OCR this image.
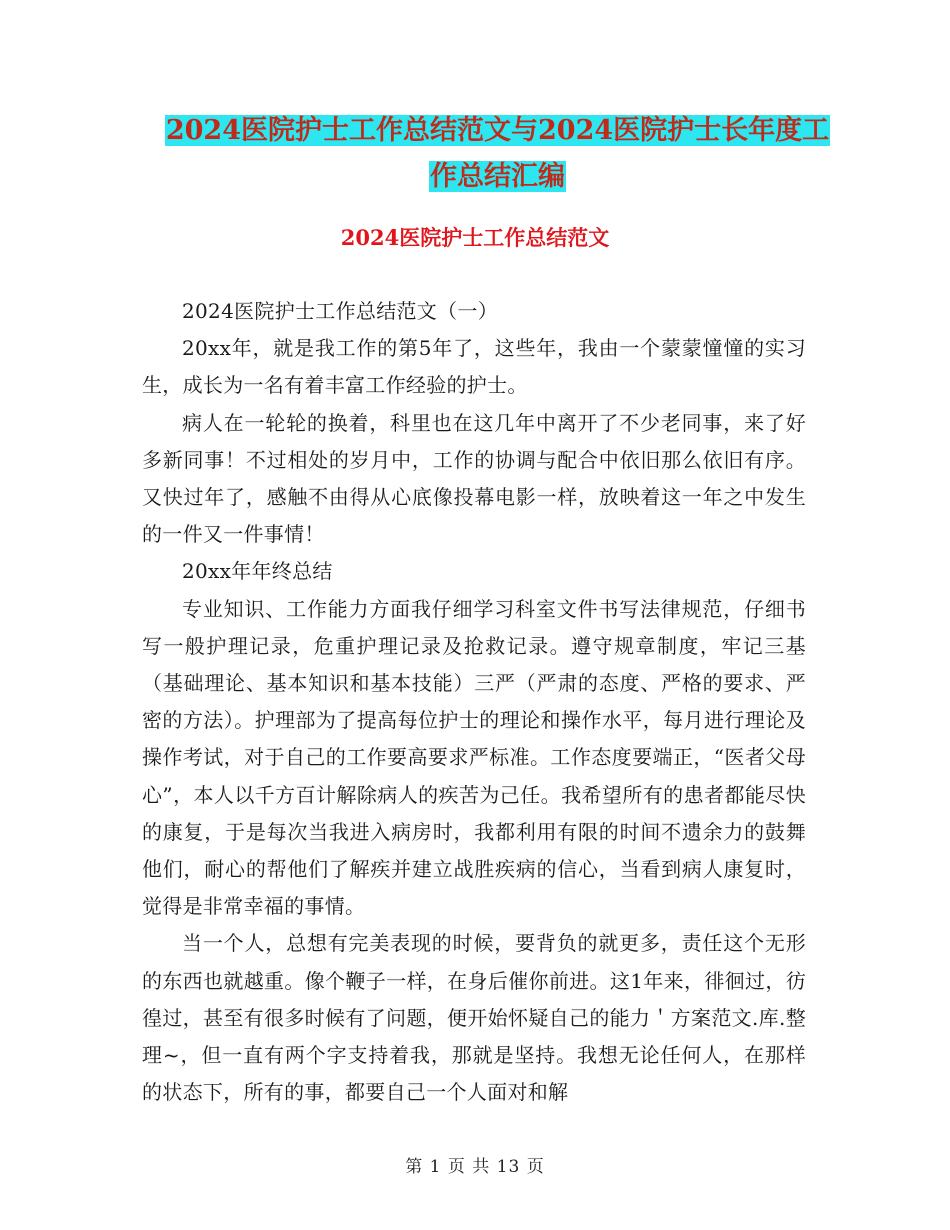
2024医院护士工作总结范文与2024医院护士长年度工
作总结汇编
2024医院护士工作总结范文

2024医院护士工作总结范文（一）

20xx年，就是我工作的第5年了，这些年，我由一个蒙蒙憧憧的实习生，成长为一名有着丰富工作经验的护士。

病人在一轮轮的换着，科里也在这几年中离开了不少老同事，来了好多新同事！不过相处的岁月中，工作的协调与配合中依旧那么依旧有序。又快过年了，感触不由得从心底像投幕电影一样，放映着这一年之中发生的一件又一件事情！

20xx年年终总结

专业知识、工作能力方面我仔细学习科室文件书写法律规范，仔细书写一般护理记录，危重护理记录及抢救记录。遵守规章制度，牢记三基（基础理论、基本知识和基本技能）三严（严肃的态度、严格的要求、严密的方法）。护理部为了提高每位护士的理论和操作水平，每月进行理论及操作考试，对于自己的工作要高要求严标准。工作态度要端正，“医者父母心”，本人以千方百计解除病人的疾苦为己任。我希望所有的患者都能尽快的康复，于是每次当我进入病房时，我都利用有限的时间不遗余力的鼓舞他们，耐心的帮他们了解疾并建立战胜疾病的信心，当看到病人康复时，觉得是非常幸福的事情。

当一个人，总想有完美表现的时候，要背负的就更多，责任这个无形的东西也就越重。像个鞭子一样，在身后催你前进。这1年来，徘徊过，彷徨过，甚至有很多时候有了问题，便开始怀疑自己的能力＇方案范文.库.整理~，但一直有两个字支持着我，那就是坚持。我想无论任何人，在那样的状态下，所有的事，都要自己一个人面对和解

第 1 页 共 13 页
